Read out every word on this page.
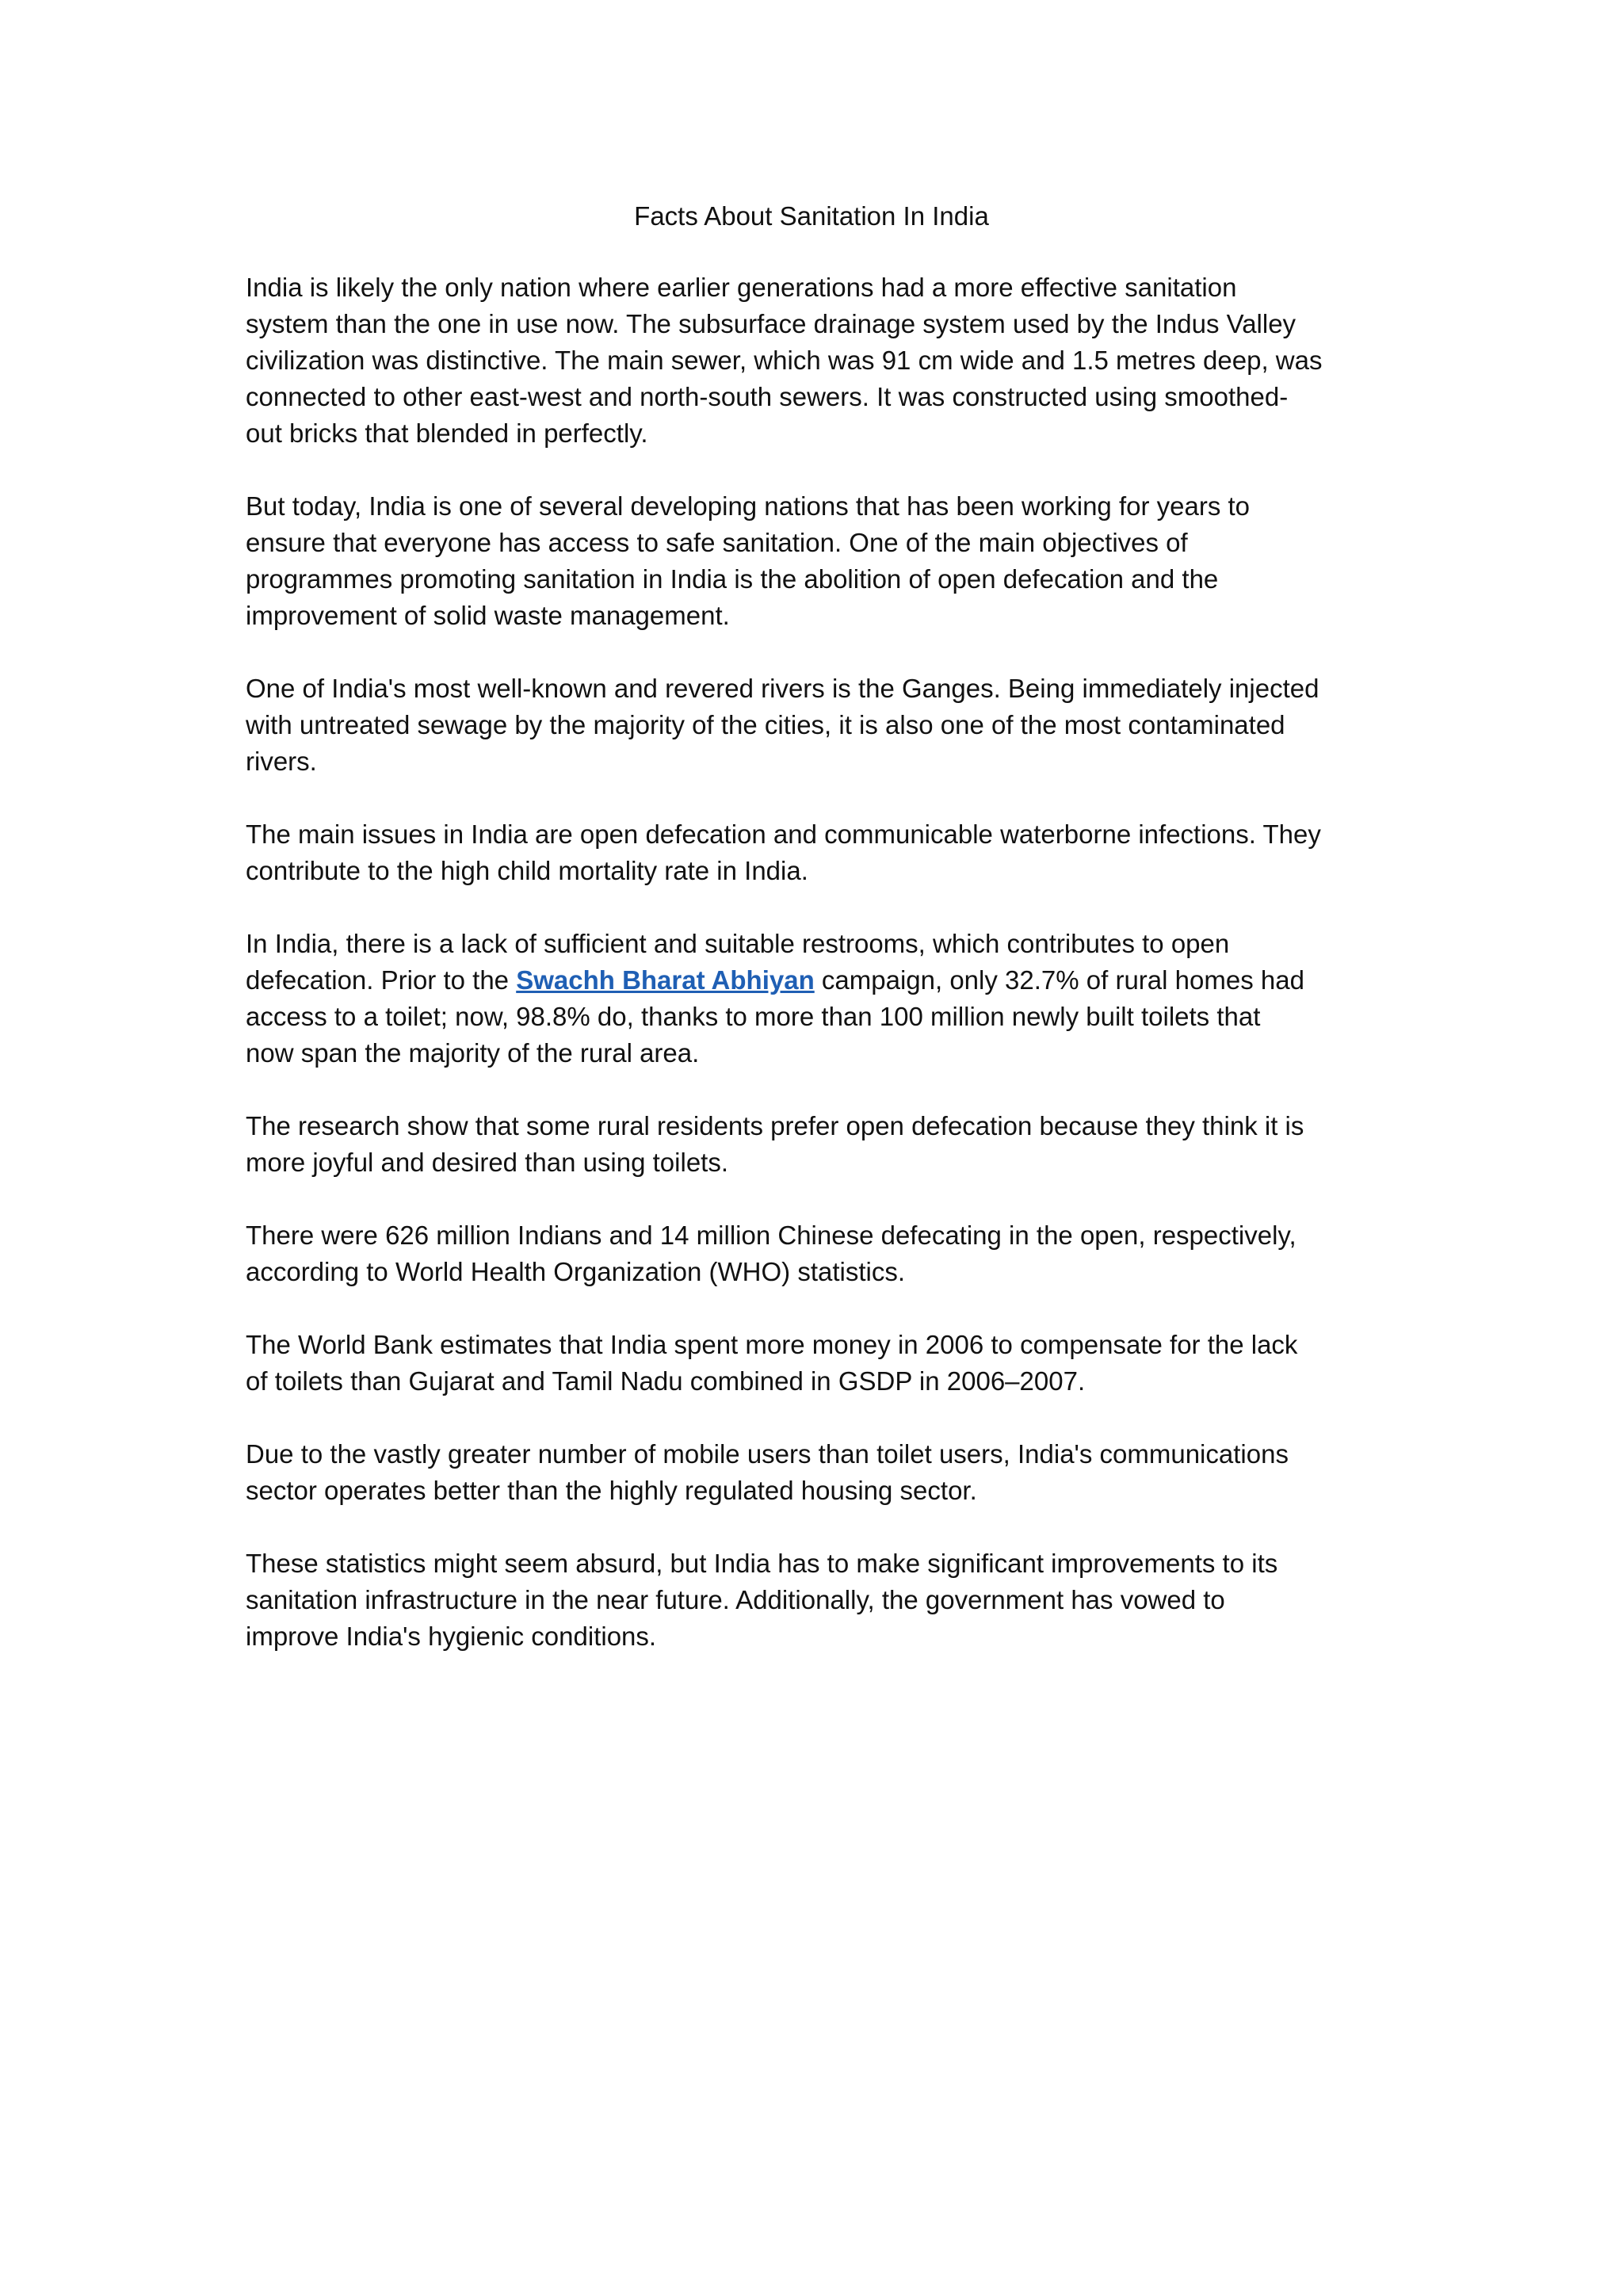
Facts About Sanitation In India

India is likely the only nation where earlier generations had a more effective sanitation
system than the one in use now. The subsurface drainage system used by the Indus Valley
civilization was distinctive. The main sewer, which was 91 cm wide and 1.5 metres deep, was
connected to other east-west and north-south sewers. It was constructed using smoothed-
out bricks that blended in perfectly.

But today, India is one of several developing nations that has been working for years to
ensure that everyone has access to safe sanitation. One of the main objectives of
programmes promoting sanitation in India is the abolition of open defecation and the
improvement of solid waste management.

One of India's most well-known and revered rivers is the Ganges. Being immediately injected
with untreated sewage by the majority of the cities, it is also one of the most contaminated
rivers.

The main issues in India are open defecation and communicable waterborne infections. They
contribute to the high child mortality rate in India.

In India, there is a lack of sufficient and suitable restrooms, which contributes to open
defecation. Prior to the Swachh Bharat Abhiyan campaign, only 32.7% of rural homes had
access to a toilet; now, 98.8% do, thanks to more than 100 million newly built toilets that
now span the majority of the rural area.

The research show that some rural residents prefer open defecation because they think it is
more joyful and desired than using toilets.

There were 626 million Indians and 14 million Chinese defecating in the open, respectively,
according to World Health Organization (WHO) statistics.

The World Bank estimates that India spent more money in 2006 to compensate for the lack
of toilets than Gujarat and Tamil Nadu combined in GSDP in 2006–2007.

Due to the vastly greater number of mobile users than toilet users, India's communications
sector operates better than the highly regulated housing sector.

These statistics might seem absurd, but India has to make significant improvements to its
sanitation infrastructure in the near future. Additionally, the government has vowed to
improve India's hygienic conditions.
